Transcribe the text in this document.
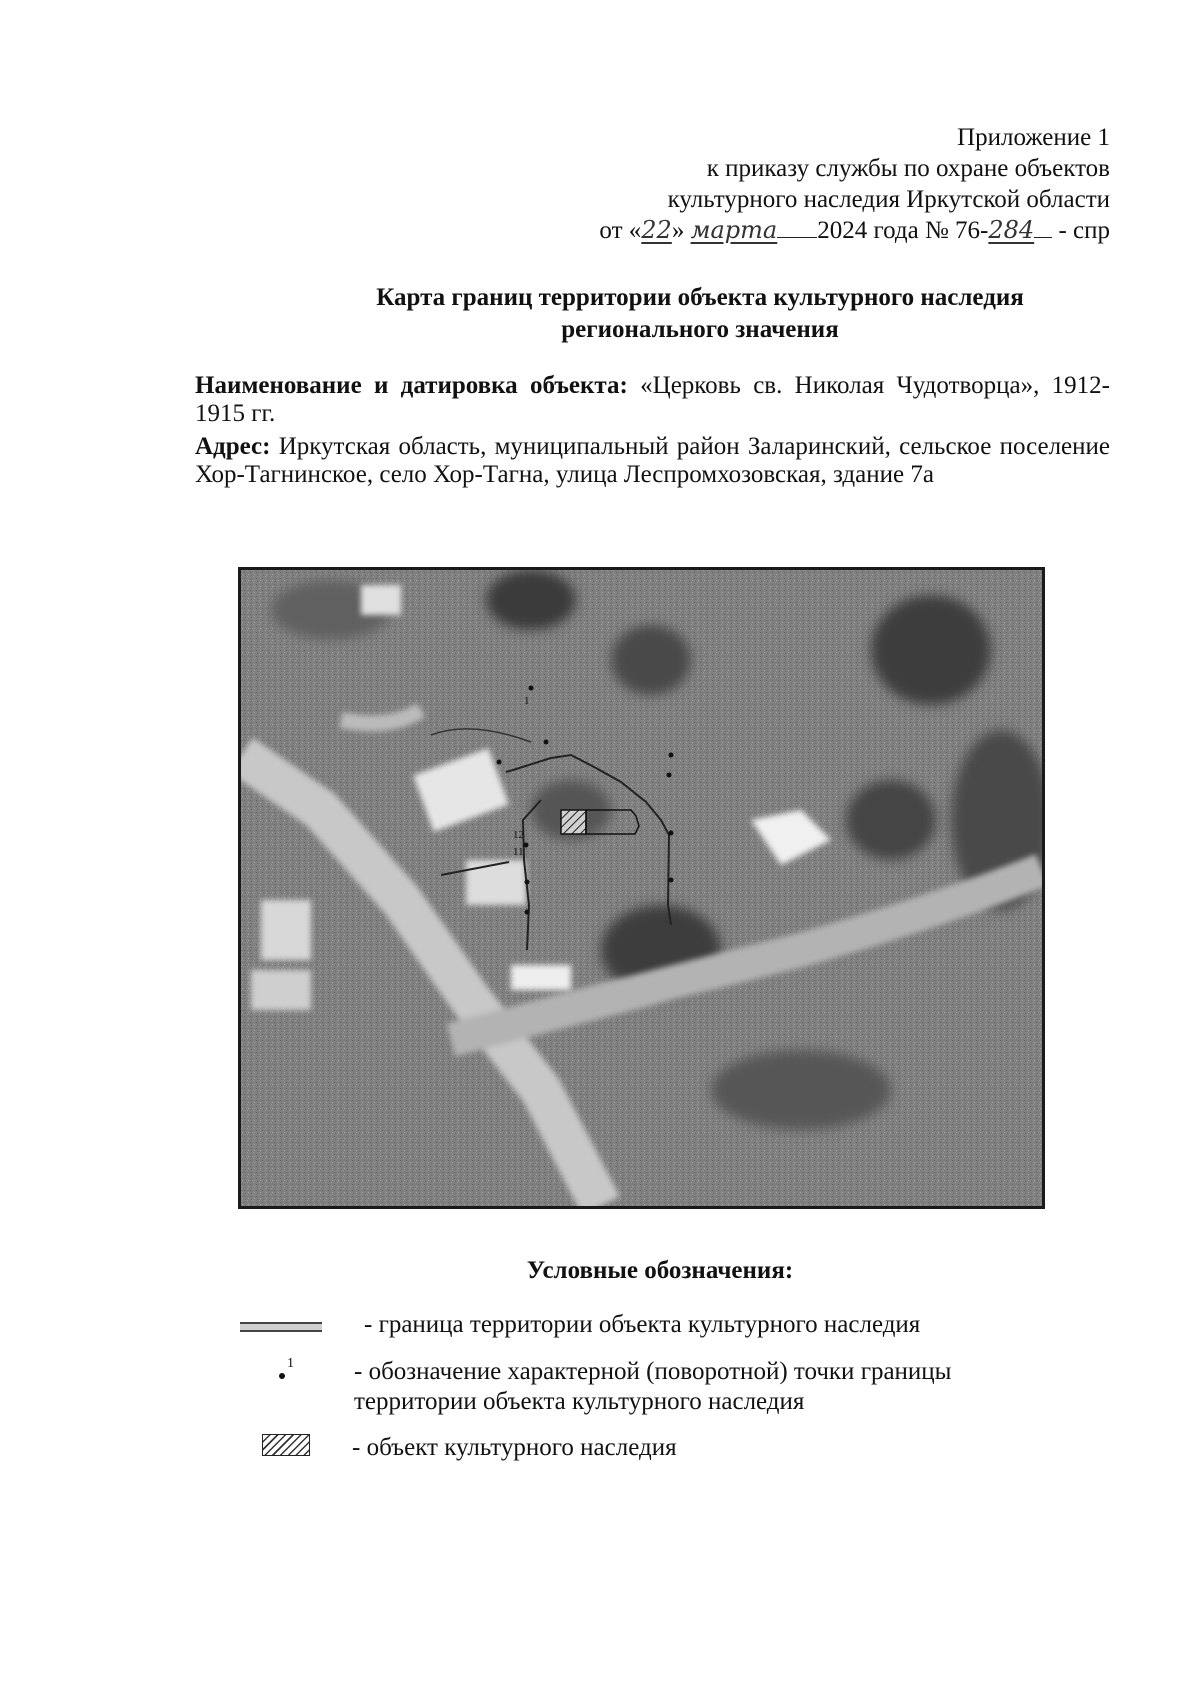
Приложение 1
к приказу службы по охране объектов
культурного наследия Иркутской области
от «22» марта 2024 года № 76-284 - спр
Карта границ территории объекта культурного наследия
регионального значения
Наименование и датировка объекта: «Церковь св. Николая Чудотворца», 1912-1915 гг.
Адрес: Иркутская область, муниципальный район Заларинский, сельское поселение Хор-Тагнинское, село Хор-Тагна, улица Леспромхозовская, здание 7а
1
12
11
Условные обозначения:
- граница территории объекта культурного наследия
1 - обозначение характерной (поворотной) точки границы территории объекта культурного наследия
- объект культурного наследия
